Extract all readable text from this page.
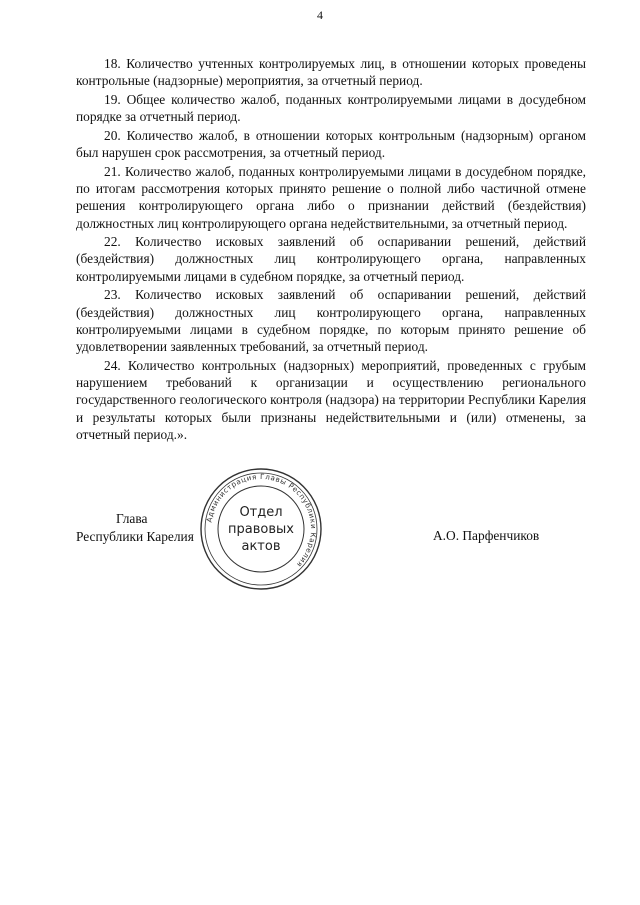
4

18. Количество учтенных контролируемых лиц, в отношении которых проведены контрольные (надзорные) мероприятия, за отчетный период.

19. Общее количество жалоб, поданных контролируемыми лицами в досудебном порядке за отчетный период.

20. Количество жалоб, в отношении которых контрольным (надзорным) органом был нарушен срок рассмотрения, за отчетный период.

21. Количество жалоб, поданных контролируемыми лицами в досудебном порядке, по итогам рассмотрения которых принято решение о полной либо частичной отмене решения контролирующего органа либо о признании действий (бездействия) должностных лиц контролирующего органа недействительными, за отчетный период.

22. Количество исковых заявлений об оспаривании решений, действий (бездействия) должностных лиц контролирующего органа, направленных контролируемыми лицами в судебном порядке, за отчетный период.

23. Количество исковых заявлений об оспаривании решений, действий (бездействия) должностных лиц контролирующего органа, направленных контролируемыми лицами в судебном порядке, по которым принято решение об удовлетворении заявленных требований, за отчетный период.

24. Количество контрольных (надзорных) мероприятий, проведенных с грубым нарушением требований к организации и осуществлению регионального государственного геологического контроля (надзора) на территории Республики Карелия и результаты которых были признаны недействительными и (или) отменены, за отчетный период.».

Глава
Республики Карелия
Администрация Главы Республики Карелия
Отдел
правовых
актов
А.О. Парфенчиков
